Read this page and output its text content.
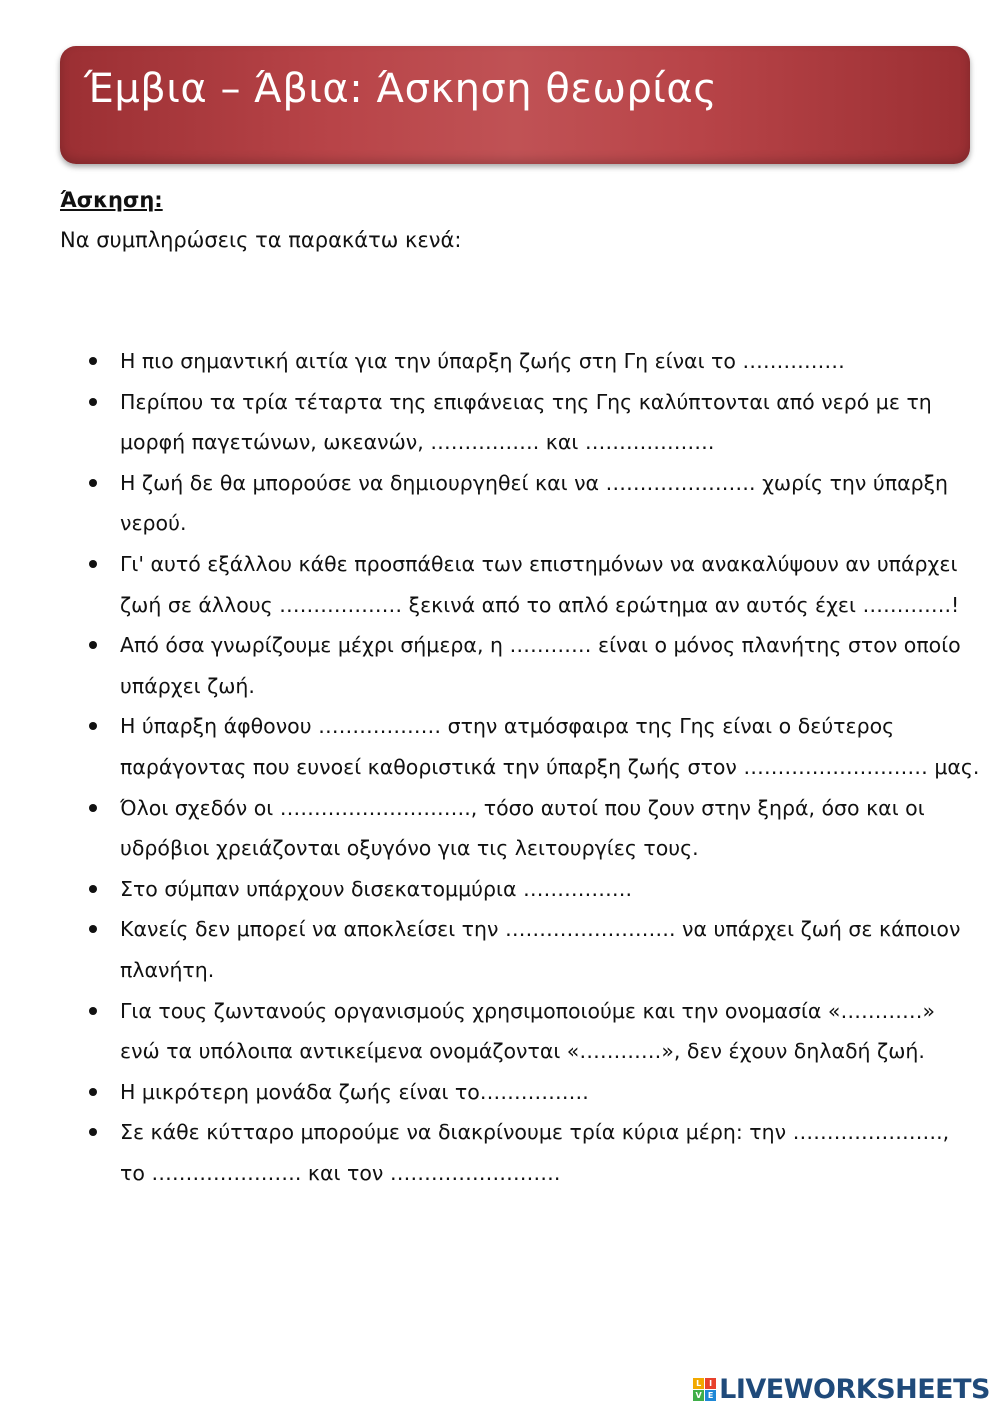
Έμβια – Άβια: Άσκηση θεωρίας
Άσκηση:
Να συμπληρώσεις τα παρακάτω κενά:
Η πιο σημαντική αιτία για την ύπαρξη ζωής στη Γη είναι το ……………
Περίπου τα τρία τέταρτα της επιφάνειας της Γης καλύπτονται από νερό με τη μορφή παγετώνων, ωκεανών, ……………. και ……………….
Η ζωή δε θα μπορούσε να δημιουργηθεί και να …………………. χωρίς την ύπαρξη νερού.
Γι' αυτό εξάλλου κάθε προσπάθεια των επιστημόνων να ανακαλύψουν αν υπάρχει ζωή σε άλλους ……………… ξεκινά από το απλό ερώτημα αν αυτός έχει ………….!
Από όσα γνωρίζουμε μέχρι σήμερα, η ………… είναι ο μόνος πλανήτης στον οποίο υπάρχει ζωή.
Η ύπαρξη άφθονου ……………… στην ατμόσφαιρα της Γης είναι ο δεύτερος παράγοντας που ευνοεί καθοριστικά την ύπαρξη ζωής στον ……………………… μας.
Όλοι σχεδόν οι ………………………., τόσο αυτοί που ζουν στην ξηρά, όσο και οι υδρόβιοι χρειάζονται οξυγόνο για τις λειτουργίες τους.
Στο σύμπαν υπάρχουν δισεκατομμύρια …………….
Κανείς δεν μπορεί να αποκλείσει την ……………………. να υπάρχει ζωή σε κάποιον πλανήτη.
Για τους ζωντανούς οργανισμούς χρησιμοποιούμε και την ονομασία «…………» ενώ τα υπόλοιπα αντικείμενα ονομάζονται «…………», δεν έχουν δηλαδή ζωή.
Η μικρότερη μονάδα ζωής είναι το…………….
Σε κάθε κύτταρο μπορούμε να διακρίνουμε τρία κύρια μέρη: την …………………., το …………………. και τον …………………….
L I
V E LIVEWORKSHEETS
